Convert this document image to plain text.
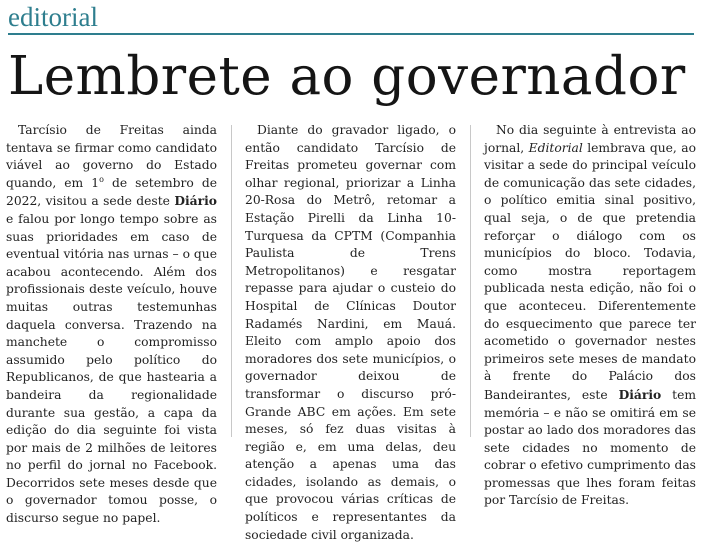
editorial
Lembrete ao governador

Tarcísio de Freitas ainda tentava se firmar como candidato viável ao governo do Estado quando, em 1$^o$ de setembro de 2022, visitou a sede deste Diário e falou por longo tempo sobre as suas prioridades em caso de eventual vitória nas urnas – o que acabou acontecendo. Além dos profissionais deste veículo, houve muitas outras testemunhas daquela conversa. Trazendo na manchete o compromisso assumido pelo político do Republicanos, de que hastearia a bandeira da regionalidade durante sua gestão, a capa da edição do dia seguinte foi vista por mais de 2 milhões de leitores no perfil do jornal no Facebook. Decorridos sete meses desde que o governador tomou posse, o discurso segue no papel.

Diante do gravador ligado, o então candidato Tarcísio de Freitas prometeu governar com olhar regional, priorizar a Linha 20-Rosa do Metrô, retomar a Estação Pirelli da Linha 10-Turquesa da CPTM (Companhia Paulista de Trens Metropolitanos) e resgatar repasse para ajudar o custeio do Hospital de Clínicas Doutor Radamés Nardini, em Mauá. Eleito com amplo apoio dos moradores dos sete municípios, o governador deixou de transformar o discurso pró-Grande ABC em ações. Em sete meses, só fez duas visitas à região e, em uma delas, deu atenção a apenas uma das cidades, isolando as demais, o que provocou várias críticas de políticos e representantes da sociedade civil organizada.

No dia seguinte à entrevista ao jornal, Editorial lembrava que, ao visitar a sede do principal veículo de comunicação das sete cidades, o político emitia sinal positivo, qual seja, o de que pretendia reforçar o diálogo com os municípios do bloco. Todavia, como mostra reportagem publicada nesta edição, não foi o que aconteceu. Diferentemente do esquecimento que parece ter acometido o governador nestes primeiros sete meses de mandato à frente do Palácio dos Bandeirantes, este Diário tem memória – e não se omitirá em se postar ao lado dos moradores das sete cidades no momento de cobrar o efetivo cumprimento das promessas que lhes foram feitas por Tarcísio de Freitas.
